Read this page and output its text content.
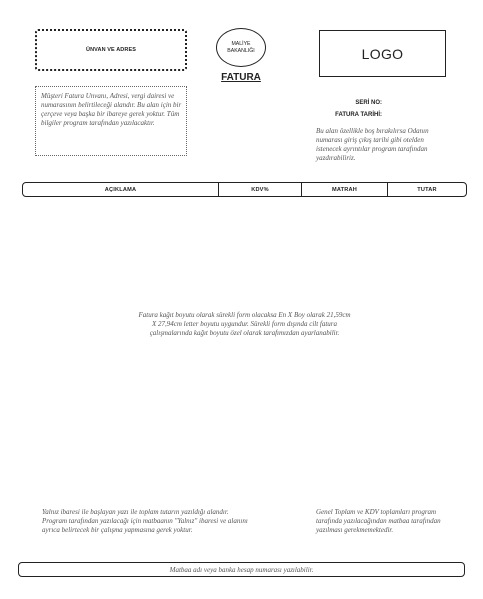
ÜNVAN VE ADRES
MALİYE BAKANLIĞI
FATURA
LOGO

Müşteri Fatura Unvanı, Adresi, vergi dairesi ve numarasının belirtileceği alandır. Bu alan için bir çerçeve veya başka bir ibareye gerek yoktur. Tüm bilgiler program tarafından yazılacaktır.

SERİ NO:
FATURA TARİHİ:

Bu alan özellikle boş bırakılırsa Odanın numarası giriş çıkış tarihi gibi otelden istenecek ayrıntılar program tarafından yazdırabiliriz.

AÇIKLAMA	KDV%	MATRAH	TUTAR

Fatura kağıt boyutu olarak sürekli form olacaksa En X Boy olarak 21,59cm X 27,94cm letter boyutu uygundur. Sürekli form dışında cilt fatura çalışmalarında kağıt boyutu özel olarak tarafımızdan ayarlanabilir.

Yalnız ibaresi ile başlayan yazı ile toplam tutarın yazıldığı alandır. Program tarafından yazılacağı için matbaanın "Yalnız" ibaresi ve alanını ayrıca belirtecek bir çalışma yapmasına gerek yoktur.

Genel Toplam ve KDV toplamları program tarafında yazılacağından matbaa tarafından yazılması gerekmemektedir.

Matbaa adı veya banka hesap numarası yazılabilir.
